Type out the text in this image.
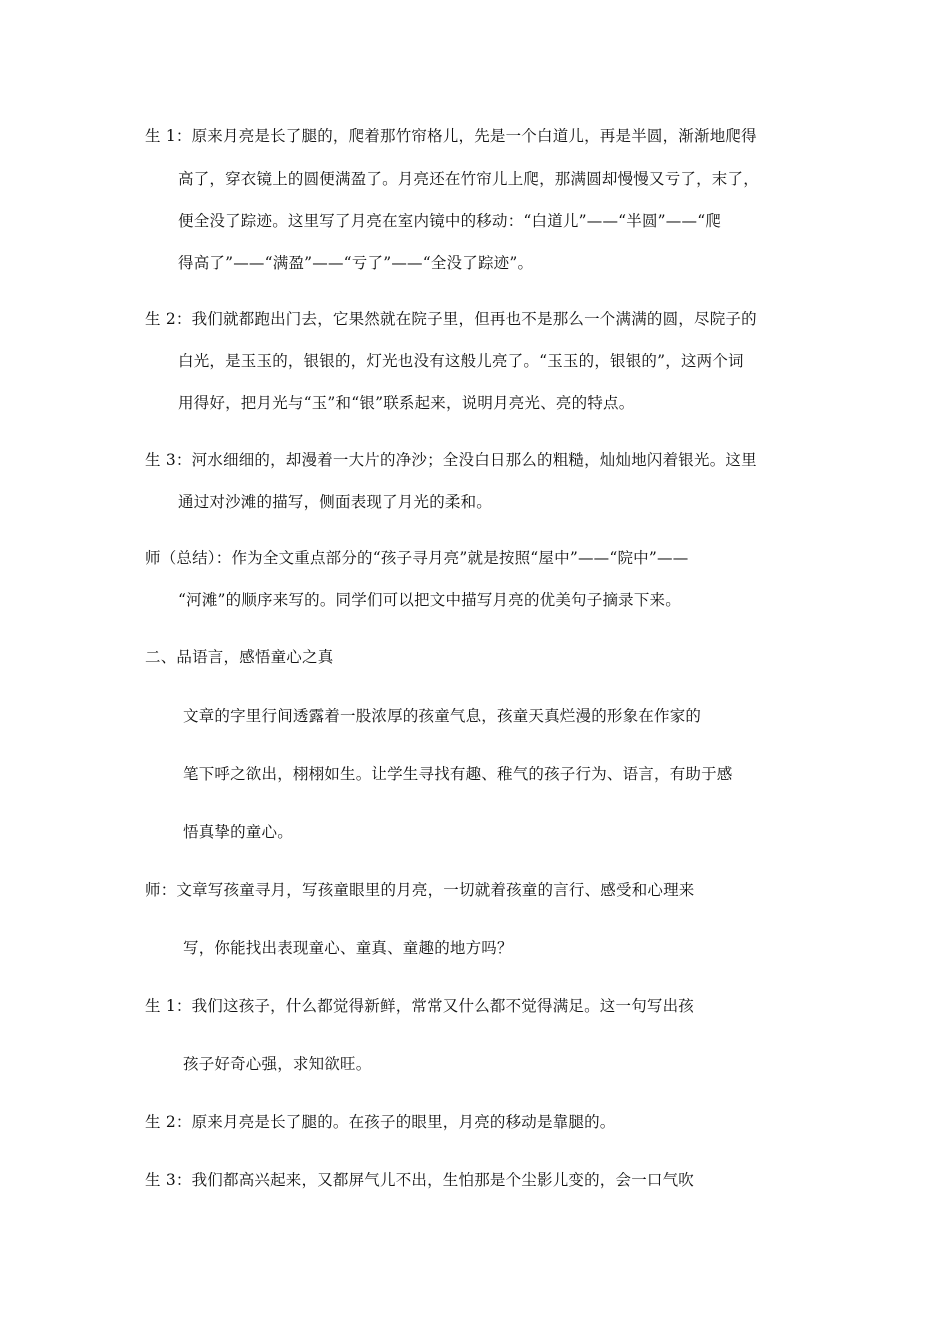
生 1：原来月亮是长了腿的，爬着那竹帘格儿，先是一个白道儿，再是半圆，渐渐地爬得
高了，穿衣镜上的圆便满盈了。月亮还在竹帘儿上爬，那满圆却慢慢又亏了，末了，
便全没了踪迹。这里写了月亮在室内镜中的移动：“白道儿”——“半圆”——“爬
得高了”——“满盈”——“亏了”——“全没了踪迹”。
生 2：我们就都跑出门去，它果然就在院子里，但再也不是那么一个满满的圆，尽院子的
白光，是玉玉的，银银的，灯光也没有这般儿亮了。“玉玉的，银银的”，这两个词
用得好，把月光与“玉”和“银”联系起来，说明月亮光、亮的特点。
生 3：河水细细的，却漫着一大片的净沙；全没白日那么的粗糙，灿灿地闪着银光。这里
通过对沙滩的描写，侧面表现了月光的柔和。
师（总结）：作为全文重点部分的“孩子寻月亮”就是按照“屋中”——“院中”——
“河滩”的顺序来写的。同学们可以把文中描写月亮的优美句子摘录下来。
二、品语言，感悟童心之真
文章的字里行间透露着一股浓厚的孩童气息，孩童天真烂漫的形象在作家的
笔下呼之欲出，栩栩如生。让学生寻找有趣、稚气的孩子行为、语言，有助于感
悟真挚的童心。
师：文章写孩童寻月，写孩童眼里的月亮，一切就着孩童的言行、感受和心理来
写，你能找出表现童心、童真、童趣的地方吗？
生 1：我们这孩子，什么都觉得新鲜，常常又什么都不觉得满足。这一句写出孩
孩子好奇心强，求知欲旺。
生 2：原来月亮是长了腿的。在孩子的眼里，月亮的移动是靠腿的。
生 3：我们都高兴起来，又都屏气儿不出，生怕那是个尘影儿变的，会一口气吹
